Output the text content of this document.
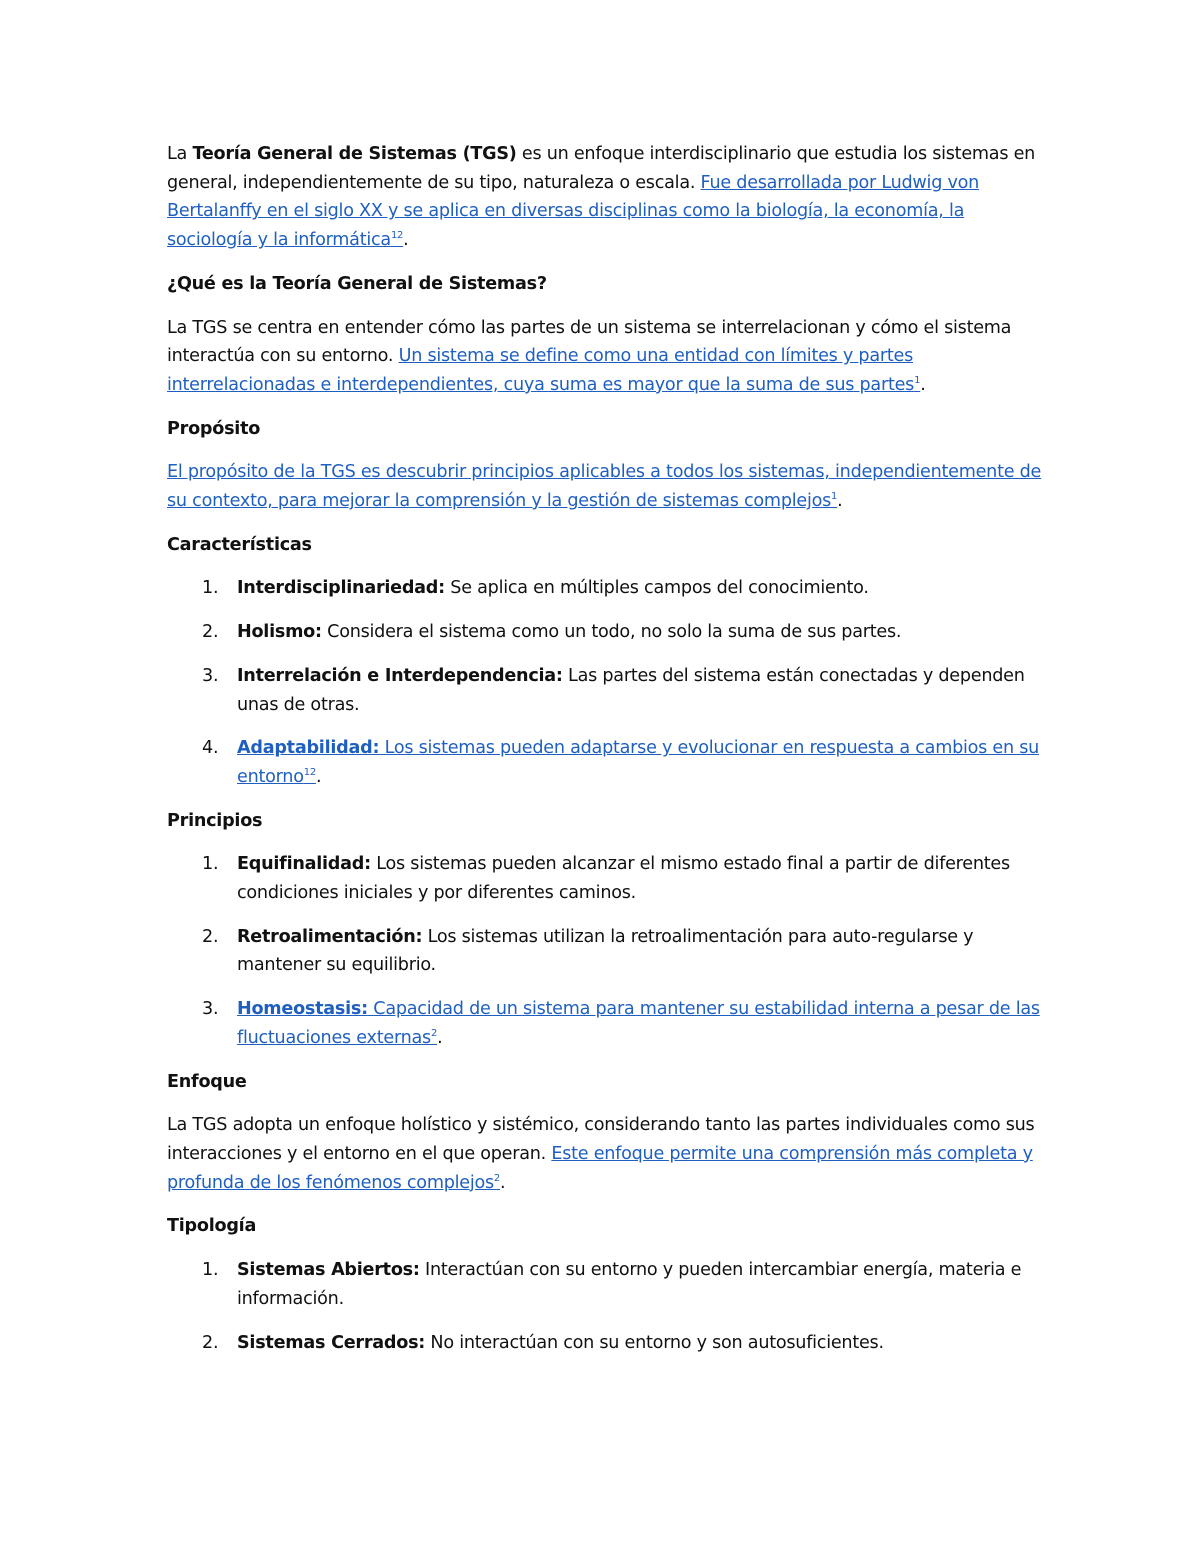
La Teoría General de Sistemas (TGS) es un enfoque interdisciplinario que estudia los sistemas en general, independientemente de su tipo, naturaleza o escala. Fue desarrollada por Ludwig von Bertalanffy en el siglo XX y se aplica en diversas disciplinas como la biología, la economía, la sociología y la informática$^{12}$.

¿Qué es la Teoría General de Sistemas?

La TGS se centra en entender cómo las partes de un sistema se interrelacionan y cómo el sistema interactúa con su entorno. Un sistema se define como una entidad con límites y partes interrelacionadas e interdependientes, cuya suma es mayor que la suma de sus partes$^1$.

Propósito

El propósito de la TGS es descubrir principios aplicables a todos los sistemas, independientemente de su contexto, para mejorar la comprensión y la gestión de sistemas complejos$^1$.

Características
1. Interdisciplinariedad: Se aplica en múltiples campos del conocimiento.
2. Holismo: Considera el sistema como un todo, no solo la suma de sus partes.
3. Interrelación e Interdependencia: Las partes del sistema están conectadas y dependen unas de otras.
4. Adaptabilidad: Los sistemas pueden adaptarse y evolucionar en respuesta a cambios en su entorno$^{12}$.
Principios
1. Equifinalidad: Los sistemas pueden alcanzar el mismo estado final a partir de diferentes condiciones iniciales y por diferentes caminos.
2. Retroalimentación: Los sistemas utilizan la retroalimentación para auto-regularse y mantener su equilibrio.
3. Homeostasis: Capacidad de un sistema para mantener su estabilidad interna a pesar de las fluctuaciones externas$^2$.
Enfoque

La TGS adopta un enfoque holístico y sistémico, considerando tanto las partes individuales como sus interacciones y el entorno en el que operan. Este enfoque permite una comprensión más completa y profunda de los fenómenos complejos$^2$.

Tipología
1. Sistemas Abiertos: Interactúan con su entorno y pueden intercambiar energía, materia e información.
2. Sistemas Cerrados: No interactúan con su entorno y son autosuficientes.
